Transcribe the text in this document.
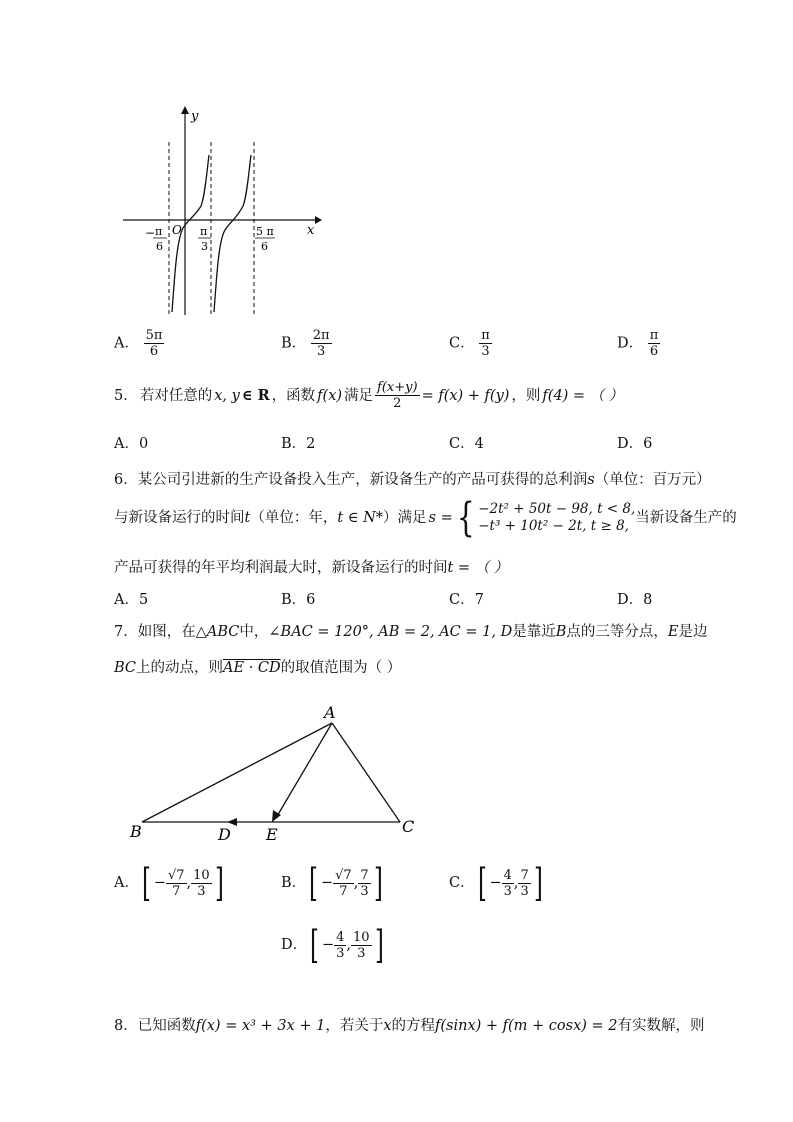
y
x
O
− π
6
π
3
5 π
6
A． $\frac{5\pi}{6}$	B． $\frac{2\pi}{3}$	C． $\frac{\pi}{3}$	D． $\frac{\pi}{6}$
5． 若对任意的 x, y ∈ R ，函数 f(x) 满足 $\frac{f(x+y)}{2} = f(x) + f(y)$ ，则 f(4) = （ ）
A．0	B．2	C．4	D．6
6．某公司引进新的生产设备投入生产，新设备生产的产品可获得的总利润s（单位：百万元）
与新设备运行的时间 t （单位：年， t ∈ N* ）满足 s = { −2t² + 50t − 98, t < 8,
−t³ + 10t² − 2t, t ≥ 8, 当新设备生产的
产品可获得的年平均利润最大时，新设备运行的时间t = （ ）
A．5	B．6	C．7	D．8
7．如图，在△ABC中，∠BAC = 120°, AB = 2, AC = 1, D是靠近B点的三等分点，E是边
BC上的动点，则AE · CD的取值范围为（ ）
A
B	C
D E
A． [ − $\frac{√7}{7}$ , $\frac{10}{3}$ ]	B． [ − $\frac{√7}{7}$ , $\frac{7}{3}$ ]	C． [ − $\frac{4}{3}$ , $\frac{7}{3}$ ]
D． [ − $\frac{4}{3}$ , $\frac{10}{3}$ ]
8．已知函数f(x) = x³ + 3x + 1，若关于x的方程f(sinx) + f(m + cosx) = 2有实数解，则
